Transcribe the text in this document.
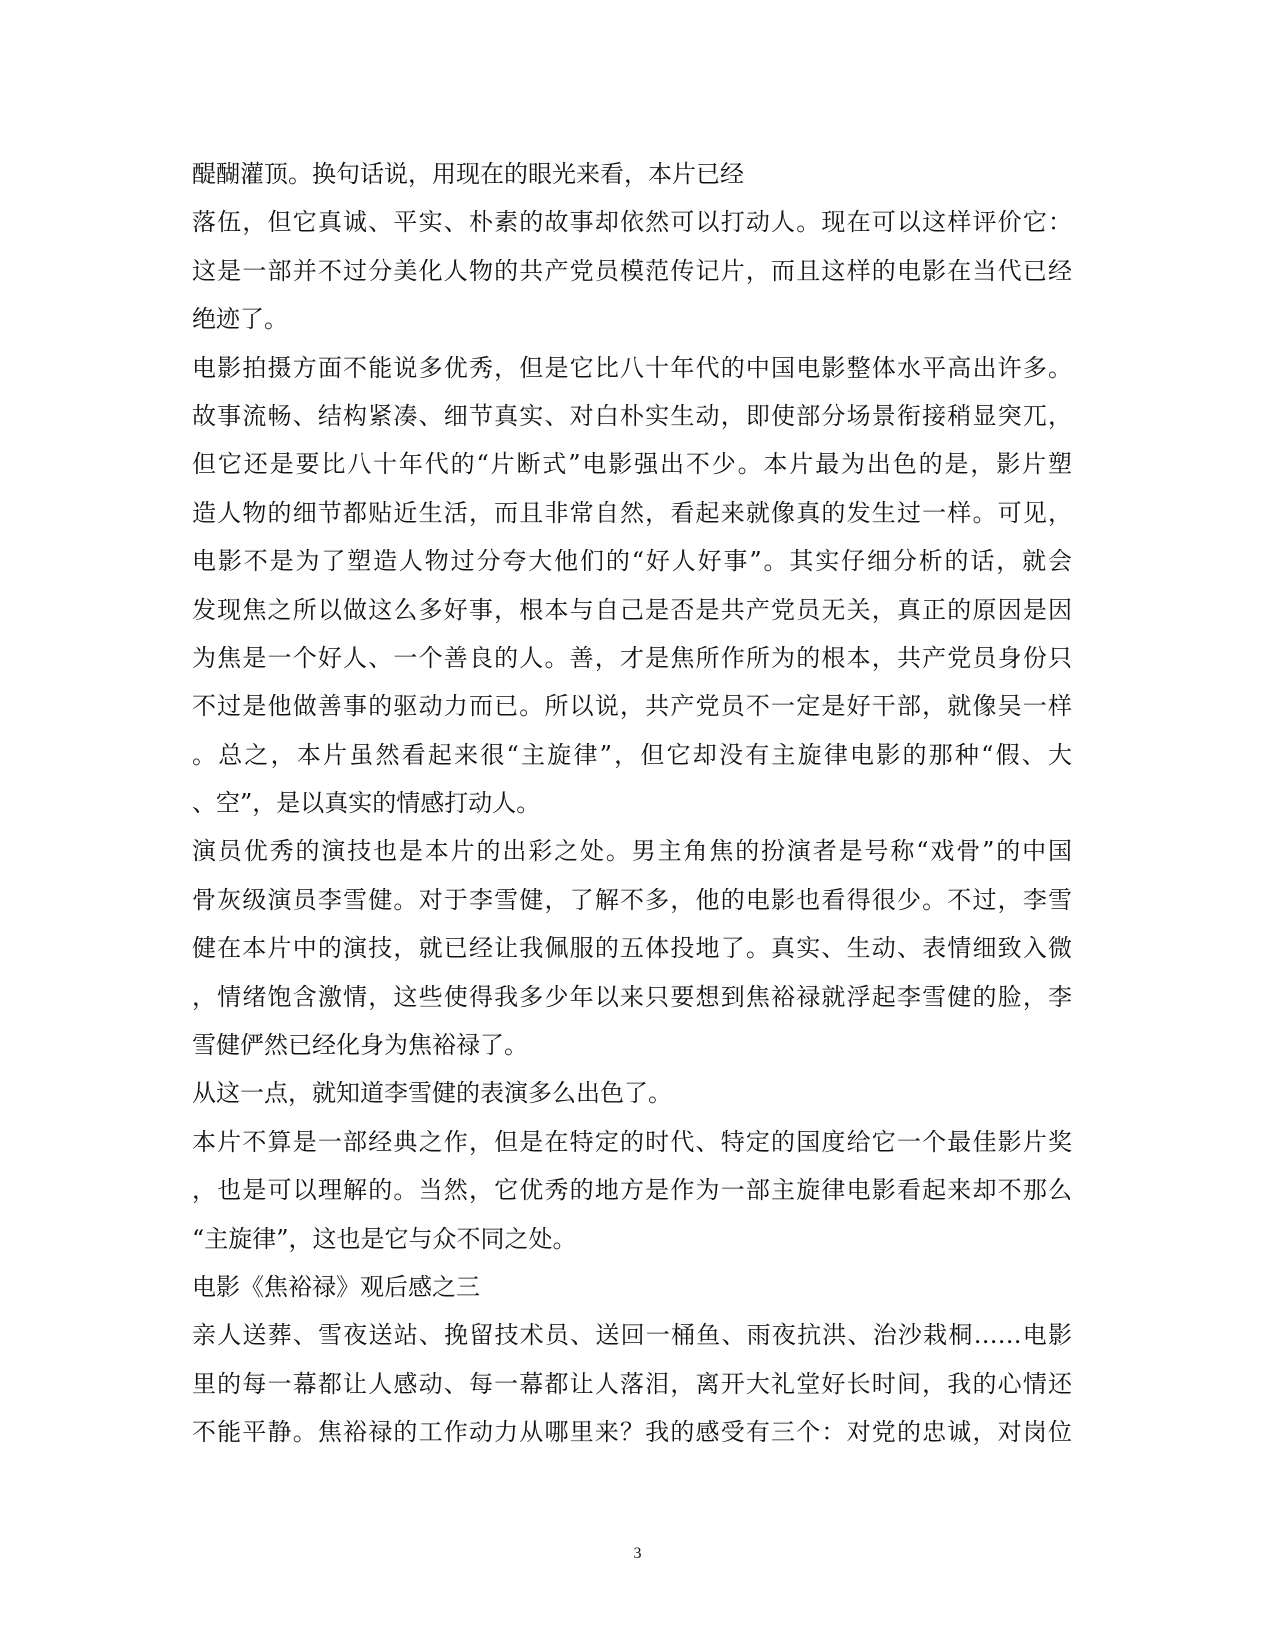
醍醐灌顶。换句话说，用现在的眼光来看，本片已经
落伍，但它真诚、平实、朴素的故事却依然可以打动人。现在可以这样评价它：
这是一部并不过分美化人物的共产党员模范传记片，而且这样的电影在当代已经
绝迹了。
电影拍摄方面不能说多优秀，但是它比八十年代的中国电影整体水平高出许多。
故事流畅、结构紧凑、细节真实、对白朴实生动，即使部分场景衔接稍显突兀，
但它还是要比八十年代的“片断式”电影强出不少。本片最为出色的是，影片塑
造人物的细节都贴近生活，而且非常自然，看起来就像真的发生过一样。可见，
电影不是为了塑造人物过分夸大他们的“好人好事”。其实仔细分析的话，就会
发现焦之所以做这么多好事，根本与自己是否是共产党员无关，真正的原因是因
为焦是一个好人、一个善良的人。善，才是焦所作所为的根本，共产党员身份只
不过是他做善事的驱动力而已。所以说，共产党员不一定是好干部，就像吴一样
。总之，本片虽然看起来很“主旋律”，但它却没有主旋律电影的那种“假、大
、空”，是以真实的情感打动人。
演员优秀的演技也是本片的出彩之处。男主角焦的扮演者是号称“戏骨”的中国
骨灰级演员李雪健。对于李雪健，了解不多，他的电影也看得很少。不过，李雪
健在本片中的演技，就已经让我佩服的五体投地了。真实、生动、表情细致入微
，情绪饱含激情，这些使得我多少年以来只要想到焦裕禄就浮起李雪健的脸，李
雪健俨然已经化身为焦裕禄了。
从这一点，就知道李雪健的表演多么出色了。
本片不算是一部经典之作，但是在特定的时代、特定的国度给它一个最佳影片奖
，也是可以理解的。当然，它优秀的地方是作为一部主旋律电影看起来却不那么
“主旋律”，这也是它与众不同之处。
电影《焦裕禄》观后感之三
亲人送葬、雪夜送站、挽留技术员、送回一桶鱼、雨夜抗洪、治沙栽桐……电影
里的每一幕都让人感动、每一幕都让人落泪，离开大礼堂好长时间，我的心情还
不能平静。焦裕禄的工作动力从哪里来？我的感受有三个：对党的忠诚，对岗位
3
